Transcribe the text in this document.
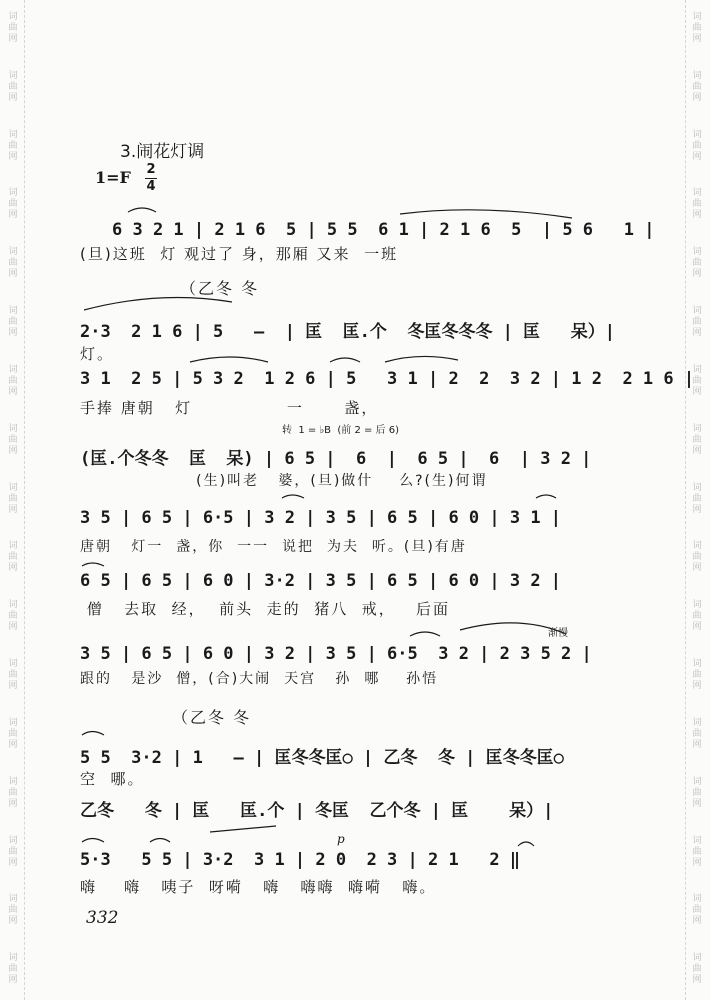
词
曲
网
词
曲
网
词
曲
网
词
曲
网
词
曲
网
词
曲
网
词
曲
网
词
曲
网
词
曲
网
词
曲
网
词
曲
网
词
曲
网
词
曲
网
词
曲
网
词
曲
网
词
曲
网
词
曲
网
词
曲
网
词
曲
网
词
曲
网
词
曲
网
词
曲
网
词
曲
网
词
曲
网
词
曲
网
词
曲
网
词
曲
网
词
曲
网
词
曲
网
词
曲
网
词
曲
网
词
曲
网
词
曲
网
词
曲
网
3.闹花灯调
1=F 2
4
6 3 2 1 | 2 1 6  5 | 5 5  6 1 | 2 1 6  5  | 5 6   1 |
(旦)这班  灯 观过了 身，那厢 又来  一班
（乙冬 冬
2·3  2 1 6 | 5   —  | 匡  匡.个  冬匡冬冬冬 | 匡   呆）|
灯。
3 1  2 5 | 5 3 2  1 2 6 | 5   3 1 | 2  2  3 2 | 1 2  2 1 6 |
手捧 唐朝   灯              一      盏，
转  1 = ♭B  (前 2 = 后 6)
(匡.个冬冬  匡  呆) | 6 5 |  6  |  6 5 |  6  | 3 2 |
(生)叫老   婆，(旦)做什    么?(生)何谓
3 5 | 6 5 | 6·5 | 3 2 | 3 5 | 6 5 | 6 0 | 3 1 |
唐朝   灯一  盏，你  一一  说把  为夫  听。(旦)有唐
6 5 | 6 5 | 6 0 | 3·2 | 3 5 | 6 5 | 6 0 | 3 2 |
僧   去取  经，  前头  走的  猪八  戒，   后面
渐慢
3 5 | 6 5 | 6 0 | 3 2 | 3 5 | 6·5  3 2 | 2 3 5 2 |
跟的   是沙  僧，(合)大闹  天宫   孙  哪    孙悟
（乙冬 冬
5 5  3·2 | 1   — | 匡冬冬匡○ | 乙冬  冬 | 匡冬冬匡○
空  哪。
乙冬   冬 | 匡   匡.个 | 冬匡  乙个冬 | 匡    呆）|
p
5·3   5 5 | 3·2  3 1 | 2 0  2 3 | 2 1   2 ‖
嗨    嗨   咦子  呀嗬   嗨   嗨嗨  嗨嗬   嗨。
332
